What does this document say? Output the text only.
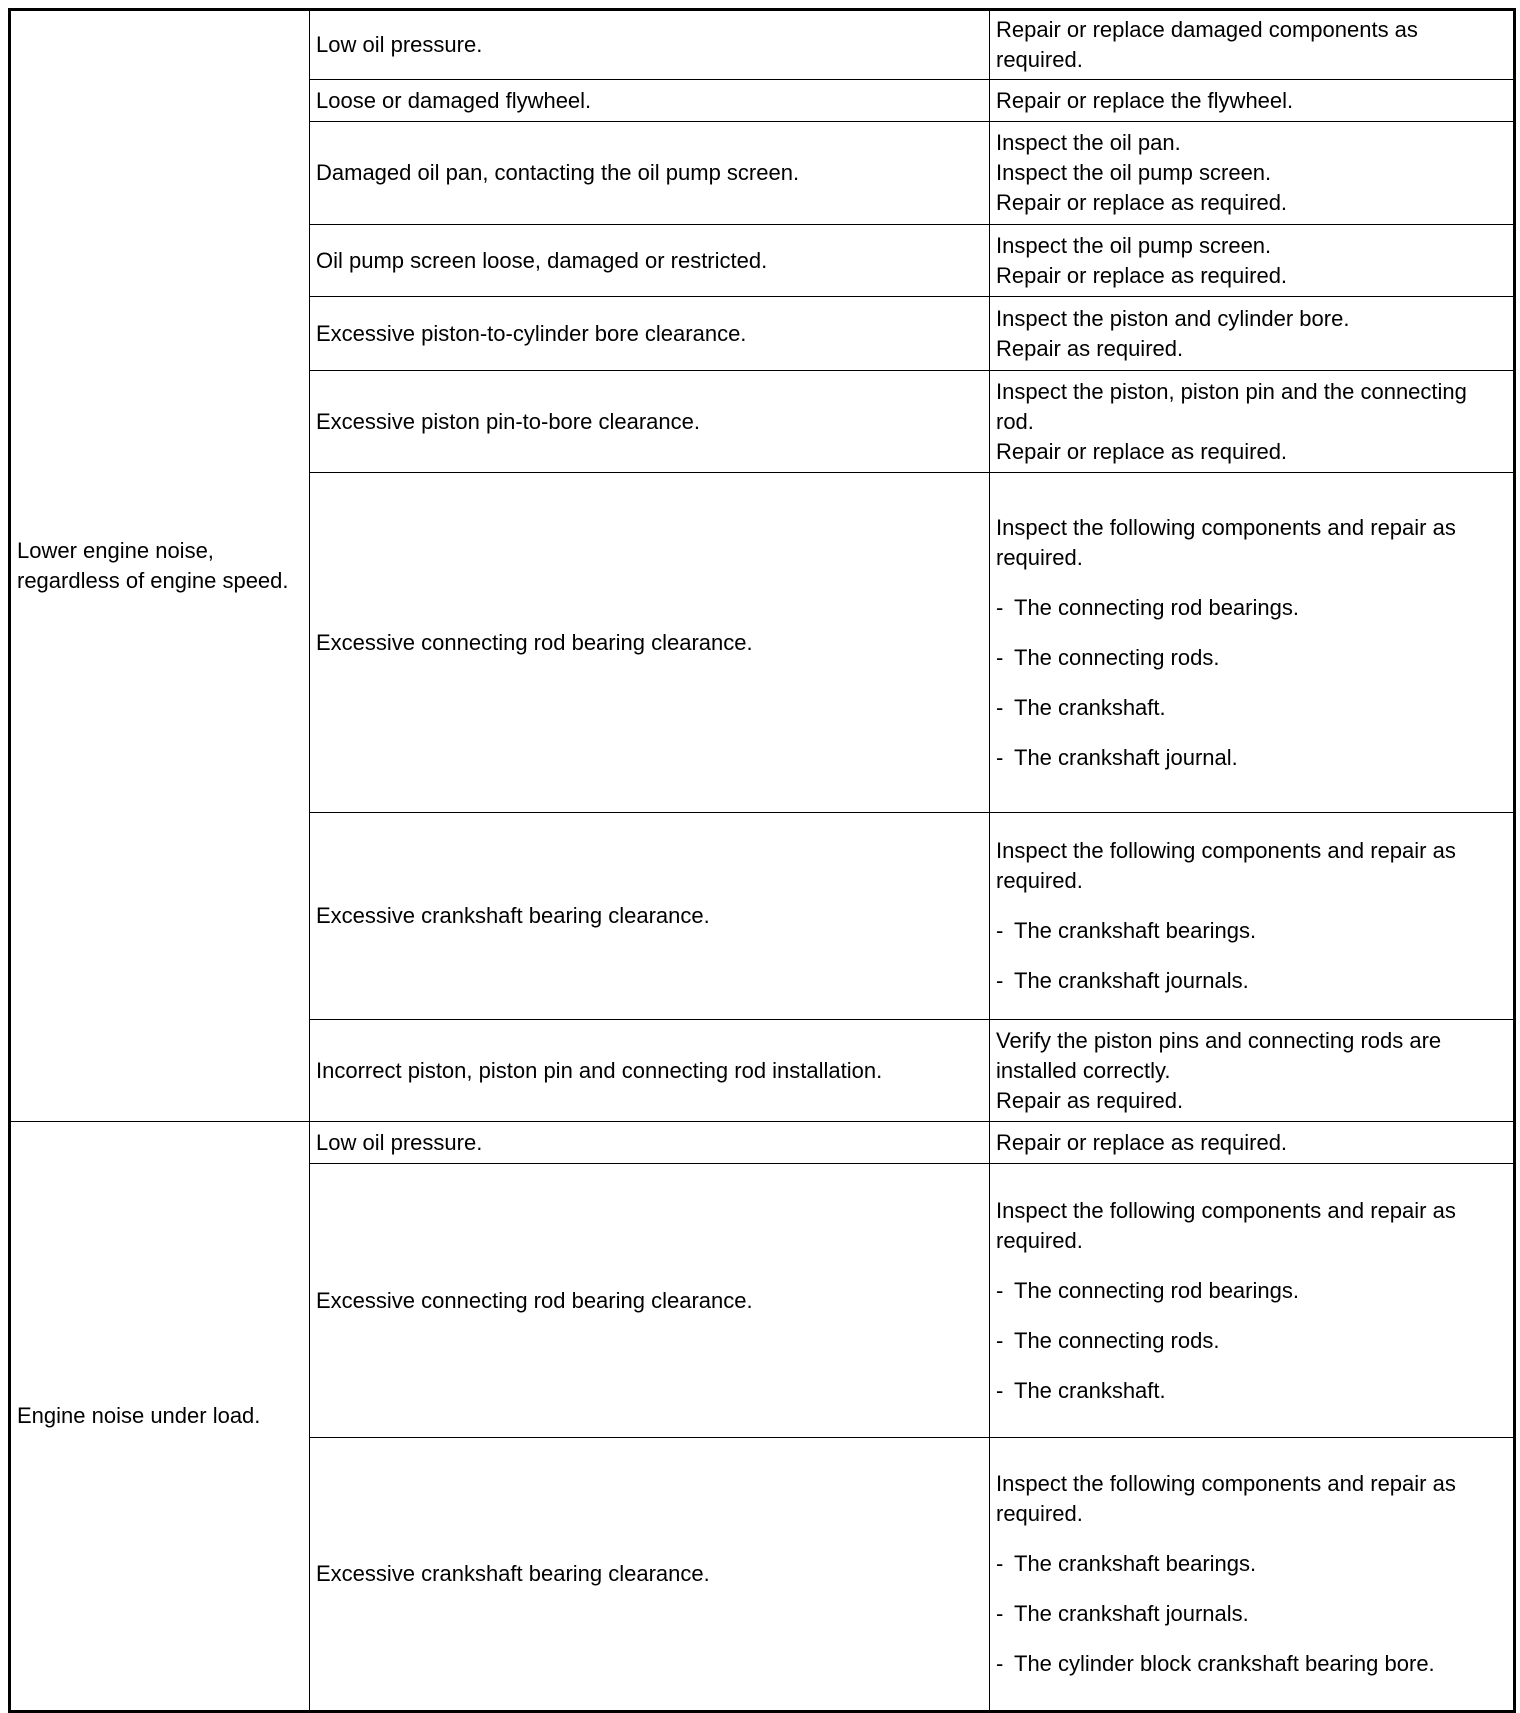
Lower engine noise, regardless of engine speed.	Low oil pressure.	Repair or replace damaged components as required.

	Loose or damaged flywheel.	Repair or replace the flywheel.

	Damaged oil pan, contacting the oil pump screen.	Inspect the oil pan.
Inspect the oil pump screen.
Repair or replace as required.

	Oil pump screen loose, damaged or restricted.	Inspect the oil pump screen.
Repair or replace as required.

	Excessive piston-to-cylinder bore clearance.	Inspect the piston and cylinder bore.
Repair as required.

	Excessive piston pin-to-bore clearance.	Inspect the piston, piston pin and the connecting rod.
Repair or replace as required.

	Excessive connecting rod bearing clearance.	Inspect the following components and repair as required.
- The connecting rod bearings.
- The connecting rods.
- The crankshaft.
- The crankshaft journal.

	Excessive crankshaft bearing clearance.	Inspect the following components and repair as required.
- The crankshaft bearings.
- The crankshaft journals.

	Incorrect piston, piston pin and connecting rod installation.	Verify the piston pins and connecting rods are installed correctly.
Repair as required.

Engine noise under load.	Low oil pressure.	Repair or replace as required.

	Excessive connecting rod bearing clearance.	Inspect the following components and repair as required.
- The connecting rod bearings.
- The connecting rods.
- The crankshaft.

	Excessive crankshaft bearing clearance.	Inspect the following components and repair as required.
- The crankshaft bearings.
- The crankshaft journals.
- The cylinder block crankshaft bearing bore.
